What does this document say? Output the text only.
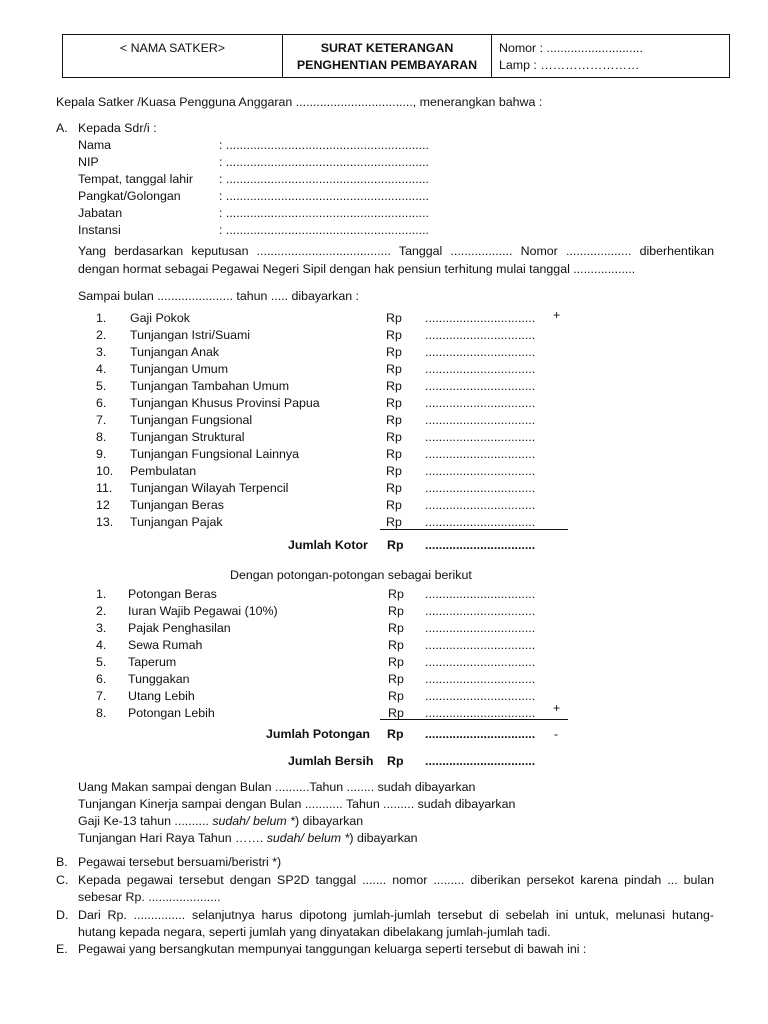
< NAMA SATKER>	SURAT KETERANGAN
PENGHENTIAN PEMBAYARAN
Nomor : ............................
Lamp : ……………………
Kepala Satker /Kuasa Pengguna Anggaran .................................., menerangkan bahwa :
A. Kepada Sdr/i :
Nama	: ...........................................................
NIP	: ...........................................................
Tempat, tanggal lahir : ...........................................................
Pangkat/Golongan	: ...........................................................
Jabatan	: ...........................................................
Instansi	: ...........................................................
Yang berdasarkan keputusan ....................................... Tanggal .................. Nomor ................... diberhentikan
dengan hormat sebagai Pegawai Negeri Sipil dengan hak pensiun terhitung mulai tanggal ..................
Sampai bulan ...................... tahun ..... dibayarkan :
1. Gaji Pokok	Rp ................................
2. Tunjangan Istri/Suami	Rp ................................
3. Tunjangan Anak	Rp ................................
4. Tunjangan Umum	Rp ................................
5. Tunjangan Tambahan Umum	Rp ................................
6. Tunjangan Khusus Provinsi Papua	Rp ................................
7. Tunjangan Fungsional	Rp ................................
8. Tunjangan Struktural	Rp ................................
9. Tunjangan Fungsional Lainnya	Rp ................................
10. Pembulatan	Rp ................................
11. Tunjangan Wilayah Terpencil	Rp ................................
12 Tunjangan Beras	Rp ................................
13. Tunjangan Pajak	Rp ................................
+
Jumlah Kotor Rp ................................
Dengan potongan-potongan sebagai berikut
1. Potongan Beras	Rp ................................
2. Iuran Wajib Pegawai (10%)	Rp ................................
3. Pajak Penghasilan	Rp ................................
4. Sewa Rumah	Rp ................................
5. Taperum	Rp ................................
6. Tunggakan	Rp ................................
7. Utang Lebih	Rp ................................
8. Potongan Lebih	Rp ................................ +
Jumlah Potongan Rp ................................ -
Jumlah Bersih Rp ................................
Uang Makan sampai dengan Bulan ..........Tahun ........ sudah dibayarkan
Tunjangan Kinerja sampai dengan Bulan ........... Tahun ......... sudah dibayarkan
Gaji Ke-13 tahun .......... sudah/ belum *) dibayarkan
Tunjangan Hari Raya Tahun ……. sudah/ belum *) dibayarkan
B. Pegawai tersebut bersuami/beristri *)
C. Kepada pegawai tersebut dengan SP2D tanggal ....... nomor ......... diberikan persekot karena pindah ... bulan
sebesar Rp. .....................
D. Dari Rp. ............... selanjutnya harus dipotong jumlah-jumlah tersebut di sebelah ini untuk, melunasi hutang-
hutang kepada negara, seperti jumlah yang dinyatakan dibelakang jumlah-jumlah tadi.
E. Pegawai yang bersangkutan mempunyai tanggungan keluarga seperti tersebut di bawah ini :
